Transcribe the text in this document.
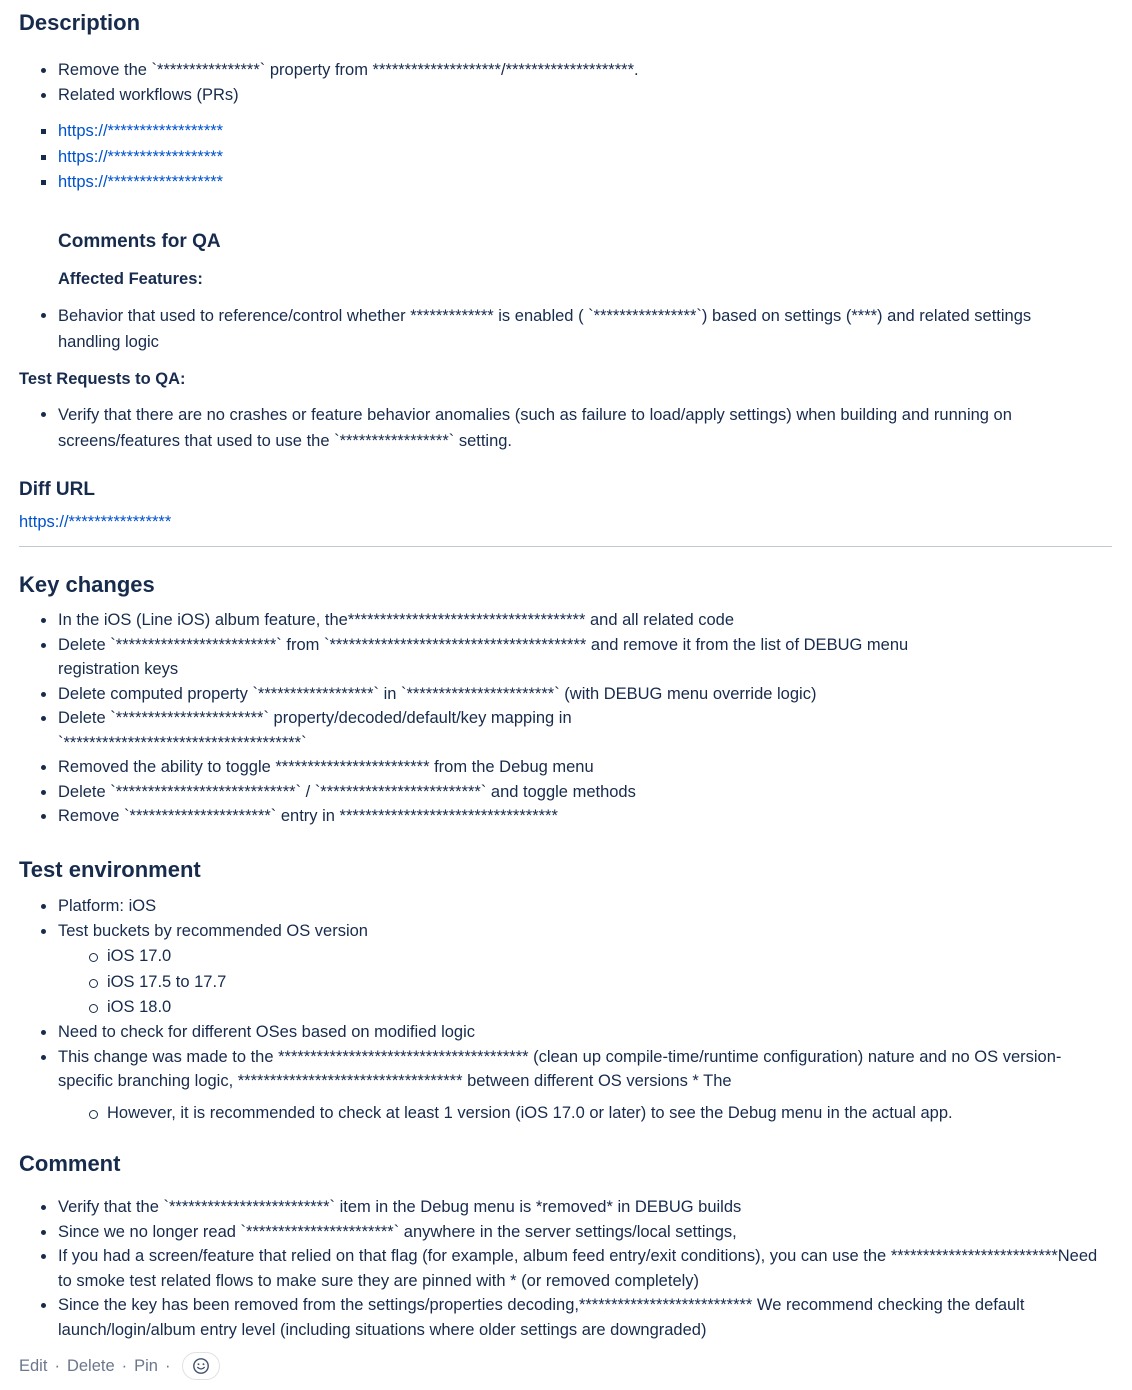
Description
Remove the `****************` property from ********************/********************.
Related workflows (PRs)
https://******************
https://******************
https://******************
Comments for QA
Affected Features:
Behavior that used to reference/control whether ************* is enabled ( `****************`) based on settings (****) and related settings handling logic
Test Requests to QA:
Verify that there are no crashes or feature behavior anomalies (such as failure to load/apply settings) when building and running on screens/features that used to use the `*****************` setting.
Diff URL
https://****************
Key changes
In the iOS (Line iOS) album feature, the************************************* and all related code
Delete `*************************` from `**************************************** and remove it from the list of DEBUG menu registration keys
Delete computed property `******************` in `***********************` (with DEBUG menu override logic)
Delete `***********************` property/decoded/default/key mapping in `*************************************`
Removed the ability to toggle ************************ from the Debug menu
Delete `****************************` / `*************************` and toggle methods
Remove `**********************` entry in **********************************
Test environment
Platform: iOS
Test buckets by recommended OS version
iOS 17.0
iOS 17.5 to 17.7
iOS 18.0
Need to check for different OSes based on modified logic
This change was made to the *************************************** (clean up compile-time/runtime configuration) nature and no OS version-specific branching logic, *********************************** between different OS versions * The
However, it is recommended to check at least 1 version (iOS 17.0 or later) to see the Debug menu in the actual app.
Comment
Verify that the `*************************` item in the Debug menu is *removed* in DEBUG builds
Since we no longer read `***********************` anywhere in the server settings/local settings,
If you had a screen/feature that relied on that flag (for example, album feed entry/exit conditions), you can use the **************************Need to smoke test related flows to make sure they are pinned with * (or removed completely)
Since the key has been removed from the settings/properties decoding,*************************** We recommend checking the default launch/login/album entry level (including situations where older settings are downgraded)
Edit · Delete · Pin ·
